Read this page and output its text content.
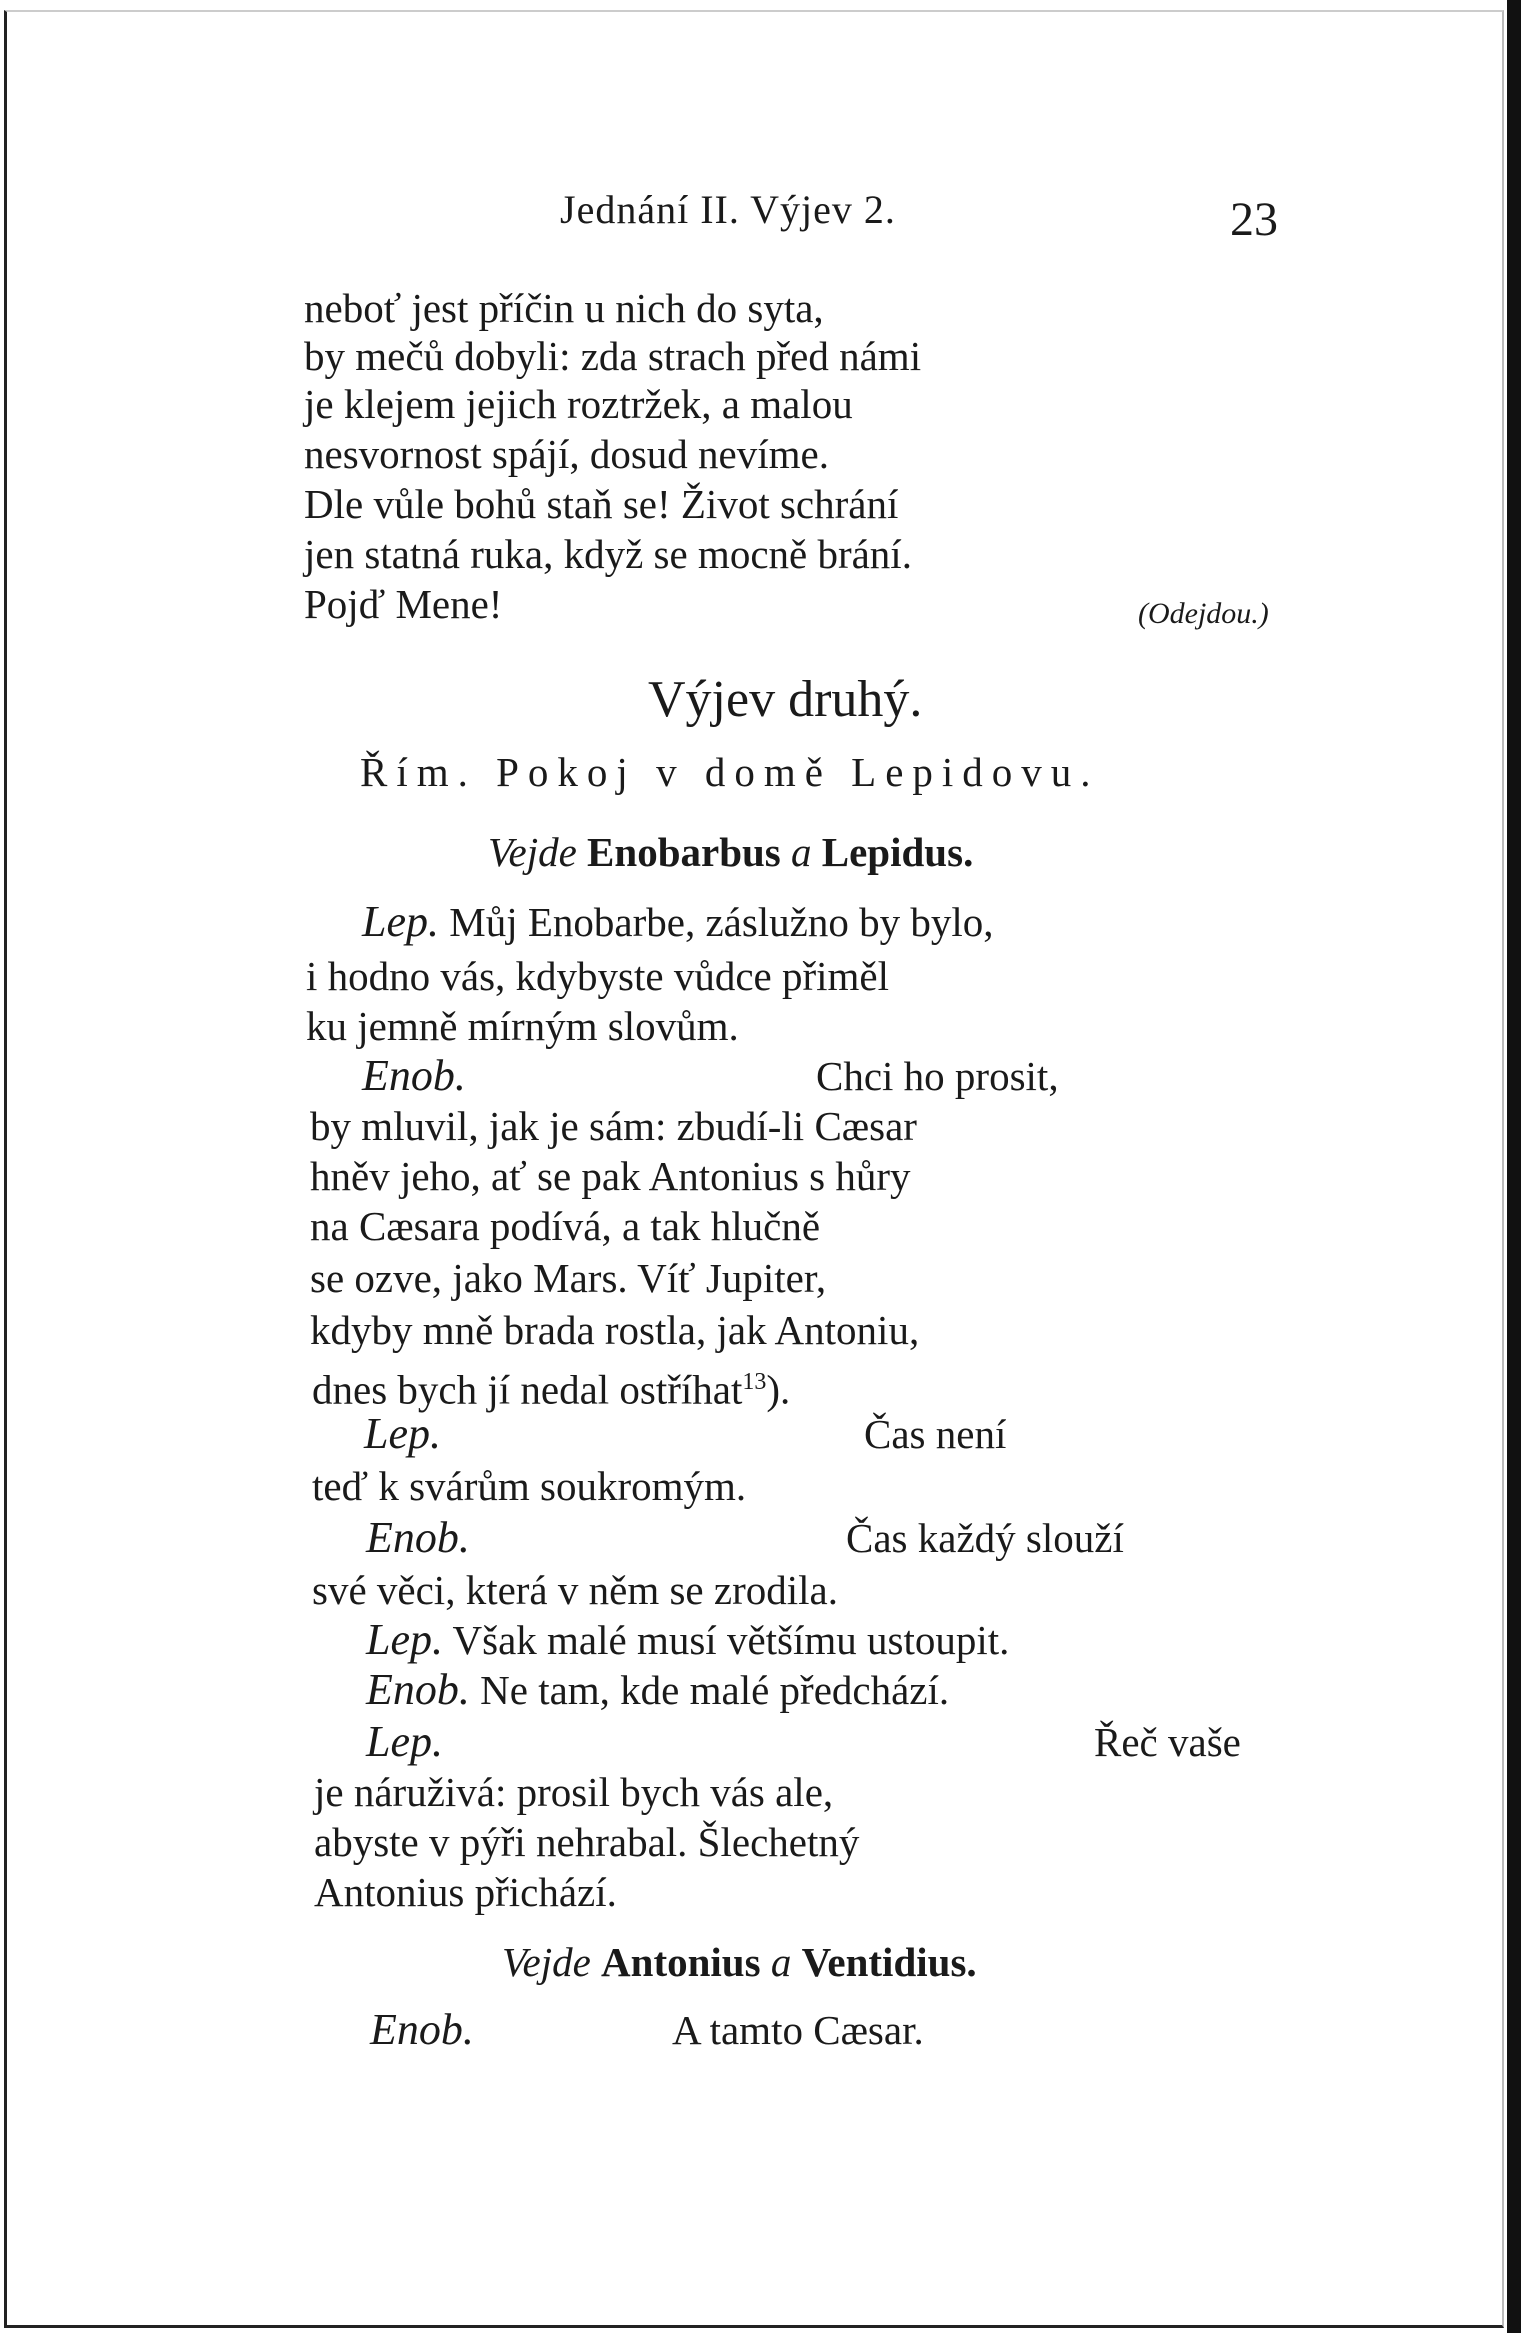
Jednání II. Výjev 2.	23
neboť jest příčin u nich do syta,
by mečů dobyli: zda strach před námi
je klejem jejich roztržek, a malou
nesvornost spájí, dosud nevíme.
Dle vůle bohů staň se! Život schrání
jen statná ruka, když se mocně brání.
Pojď Mene!	(Odejdou.)
Výjev druhý.
Řím. Pokoj v domě Lepidovu.
Vejde Enobarbus a Lepidus.
Lep. Můj Enobarbe, záslužno by bylo,
i hodno vás, kdybyste vůdce přiměl
ku jemně mírným slovům.
Enob.	Chci ho prosit,
by mluvil, jak je sám: zbudí-li Cæsar
hněv jeho, ať se pak Antonius s hůry
na Cæsara podívá, a tak hlučně
se ozve, jako Mars. Víť Jupiter,
kdyby mně brada rostla, jak Antoniu,
dnes bych jí nedal ostříhat$^{13}$).
Lep.	Čas není
teď k svárům soukromým.
Enob.	Čas každý slouží
své věci, která v něm se zrodila.
Lep. Však malé musí většímu ustoupit.
Enob. Ne tam, kde malé předchází.
Lep.	Řeč vaše
je náruživá: prosil bych vás ale,
abyste v pýři nehrabal. Šlechetný
Antonius přichází.
Vejde Antonius a Ventidius.
Enob.	A tamto Cæsar.
